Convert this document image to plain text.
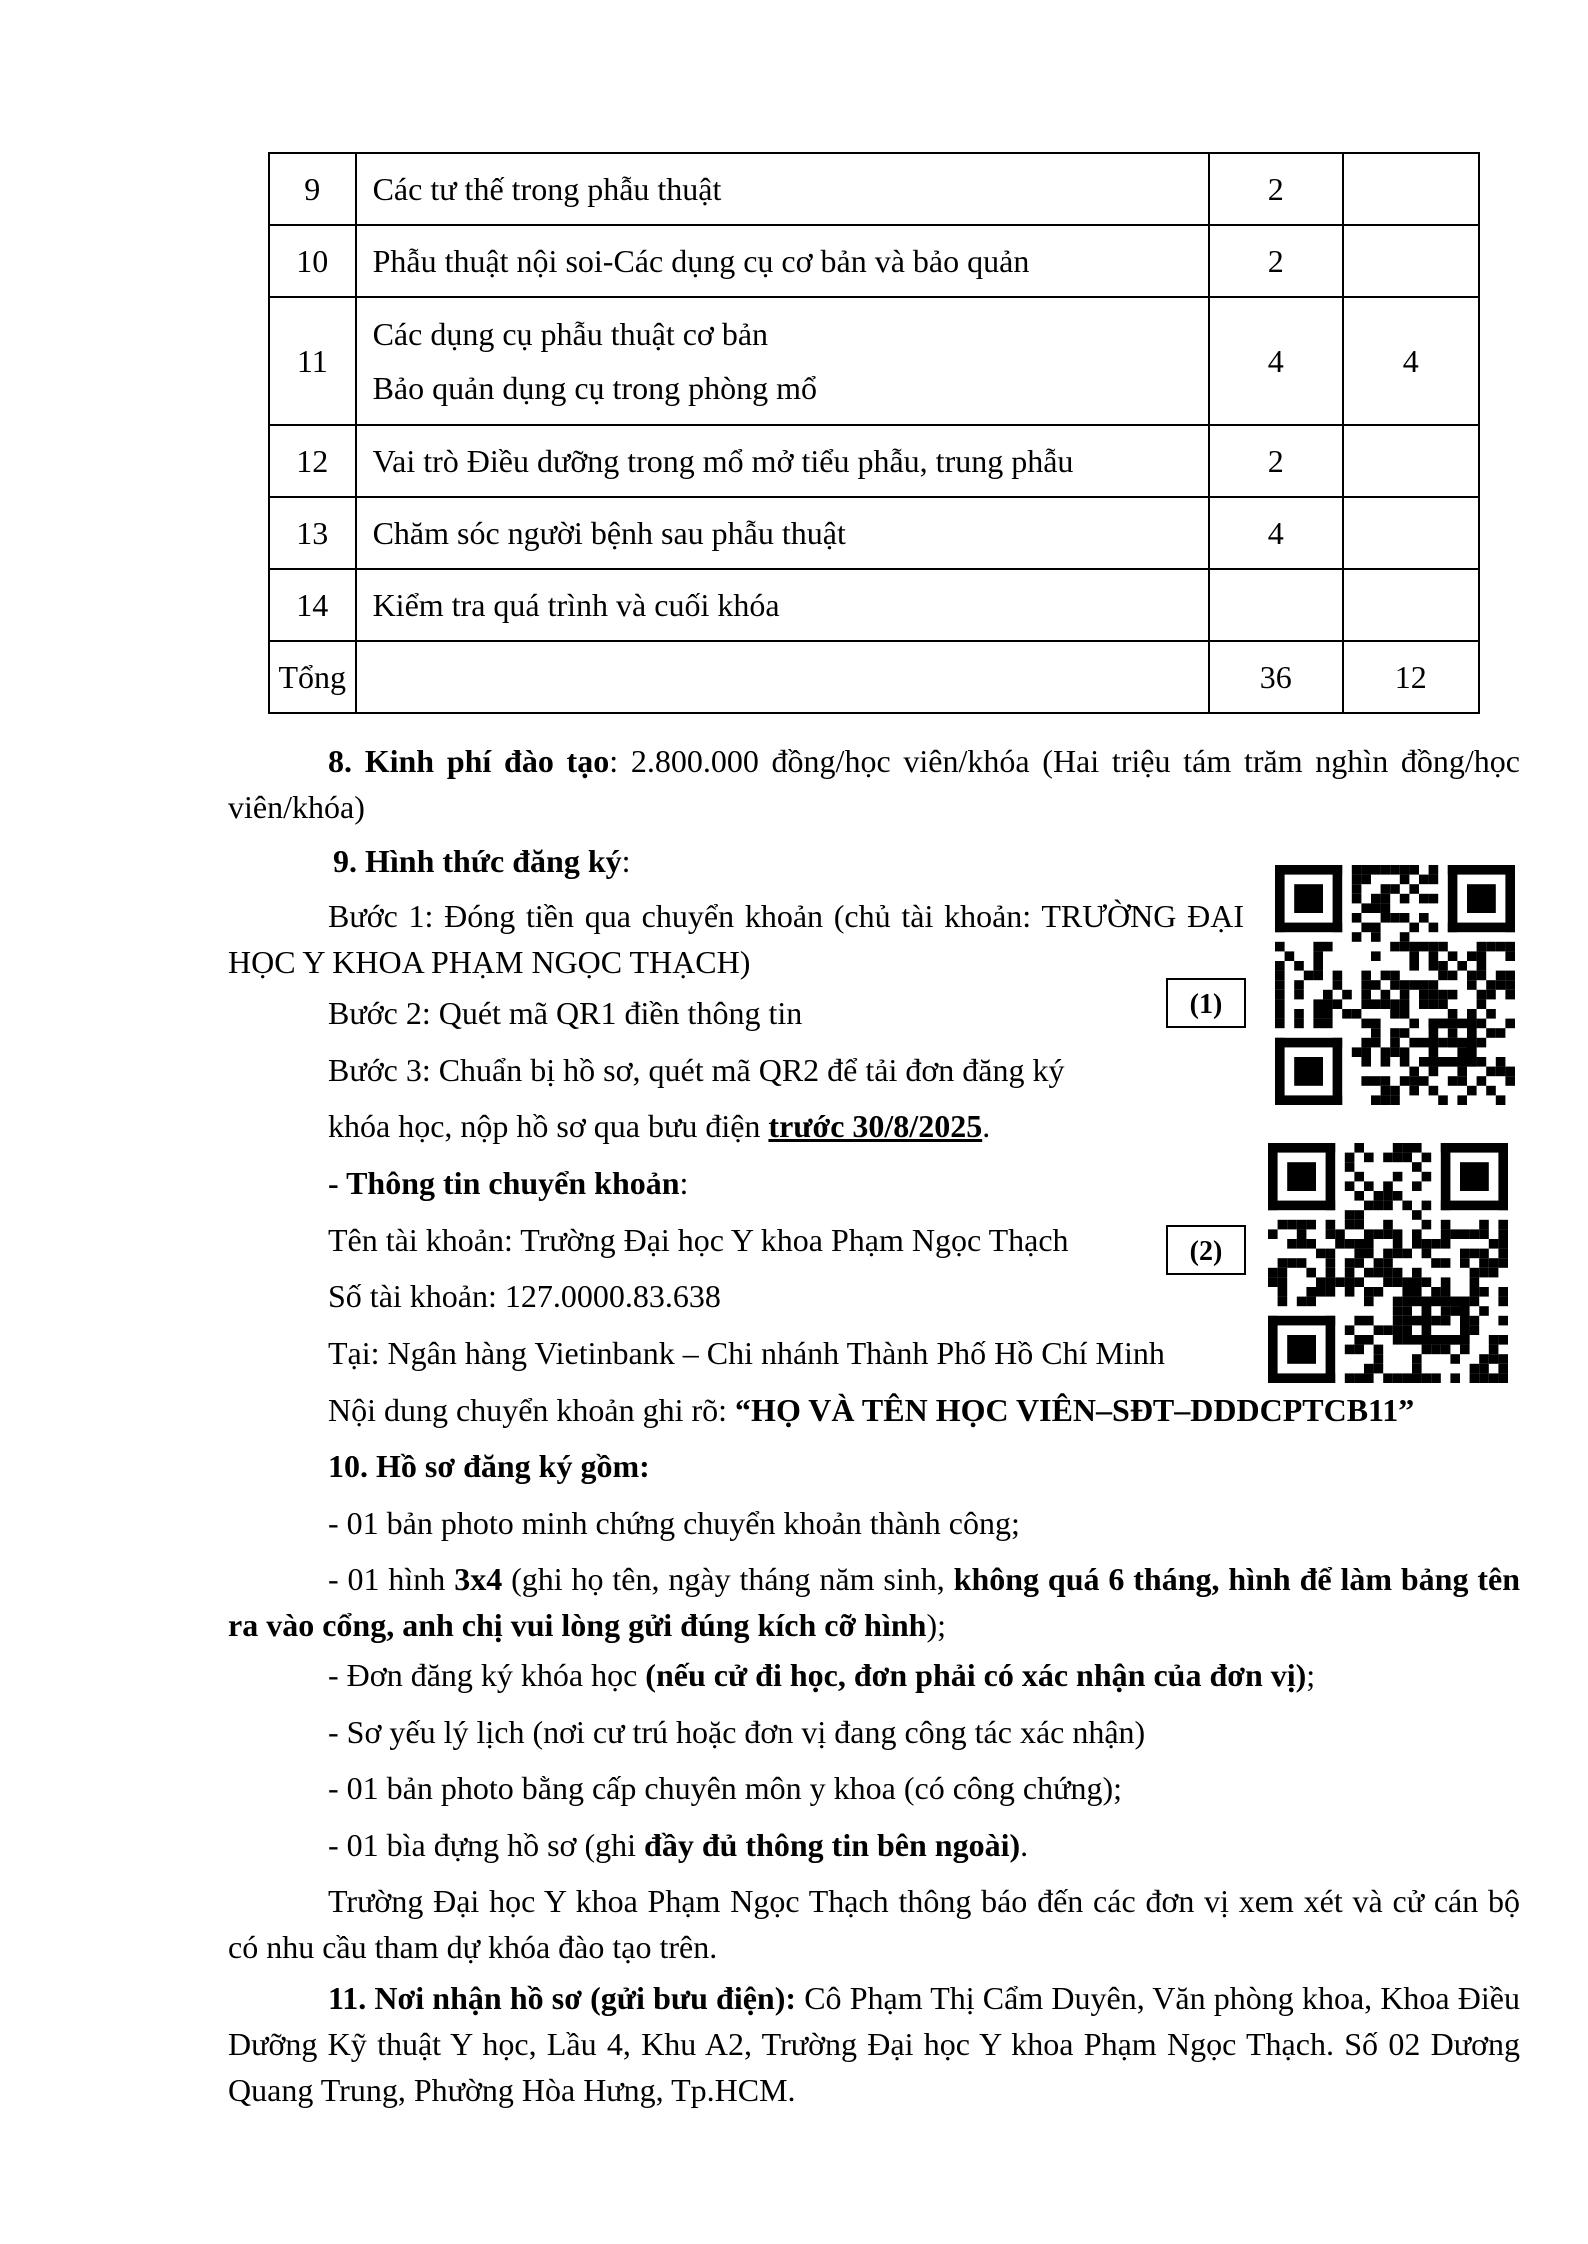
9	Các tư thế trong phẫu thuật	2	
10	Phẫu thuật nội soi-Các dụng cụ cơ bản và bảo quản	2	
11	Các dụng cụ phẫu thuật cơ bản
Bảo quản dụng cụ trong phòng mổ	4	4
12	Vai trò Điều dưỡng trong mổ mở tiểu phẫu, trung phẫu	2	
13	Chăm sóc người bệnh sau phẫu thuật	4	
14	Kiểm tra quá trình và cuối khóa		

Tổng		36	12
8. Kinh phí đào tạo: 2.800.000 đồng/học viên/khóa (Hai triệu tám trăm nghìn đồng/học viên/khóa)
9. Hình thức đăng ký:
Bước 1: Đóng tiền qua chuyển khoản (chủ tài khoản: TRƯỜNG ĐẠI HỌC Y KHOA PHẠM NGỌC THẠCH)
Bước 2: Quét mã QR1 điền thông tin	(1)
Bước 3: Chuẩn bị hồ sơ, quét mã QR2 để tải đơn đăng ký
khóa học, nộp hồ sơ qua bưu điện trước 30/8/2025.
- Thông tin chuyển khoản:
Tên tài khoản: Trường Đại học Y khoa Phạm Ngọc Thạch	(2)
Số tài khoản: 127.0000.83.638
Tại: Ngân hàng Vietinbank – Chi nhánh Thành Phố Hồ Chí Minh
Nội dung chuyển khoản ghi rõ: “HỌ VÀ TÊN HỌC VIÊN–SĐT–DDDCPTCB11”
10. Hồ sơ đăng ký gồm:
- 01 bản photo minh chứng chuyển khoản thành công;
- 01 hình 3x4 (ghi họ tên, ngày tháng năm sinh, không quá 6 tháng, hình để làm bảng tên ra vào cổng, anh chị vui lòng gửi đúng kích cỡ hình);
- Đơn đăng ký khóa học (nếu cử đi học, đơn phải có xác nhận của đơn vị);
- Sơ yếu lý lịch (nơi cư trú hoặc đơn vị đang công tác xác nhận)
- 01 bản photo bằng cấp chuyên môn y khoa (có công chứng);
- 01 bìa đựng hồ sơ (ghi đầy đủ thông tin bên ngoài).
Trường Đại học Y khoa Phạm Ngọc Thạch thông báo đến các đơn vị xem xét và cử cán bộ có nhu cầu tham dự khóa đào tạo trên.
11. Nơi nhận hồ sơ (gửi bưu điện): Cô Phạm Thị Cẩm Duyên, Văn phòng khoa, Khoa Điều Dưỡng Kỹ thuật Y học, Lầu 4, Khu A2, Trường Đại học Y khoa Phạm Ngọc Thạch. Số 02 Dương Quang Trung, Phường Hòa Hưng, Tp.HCM.
